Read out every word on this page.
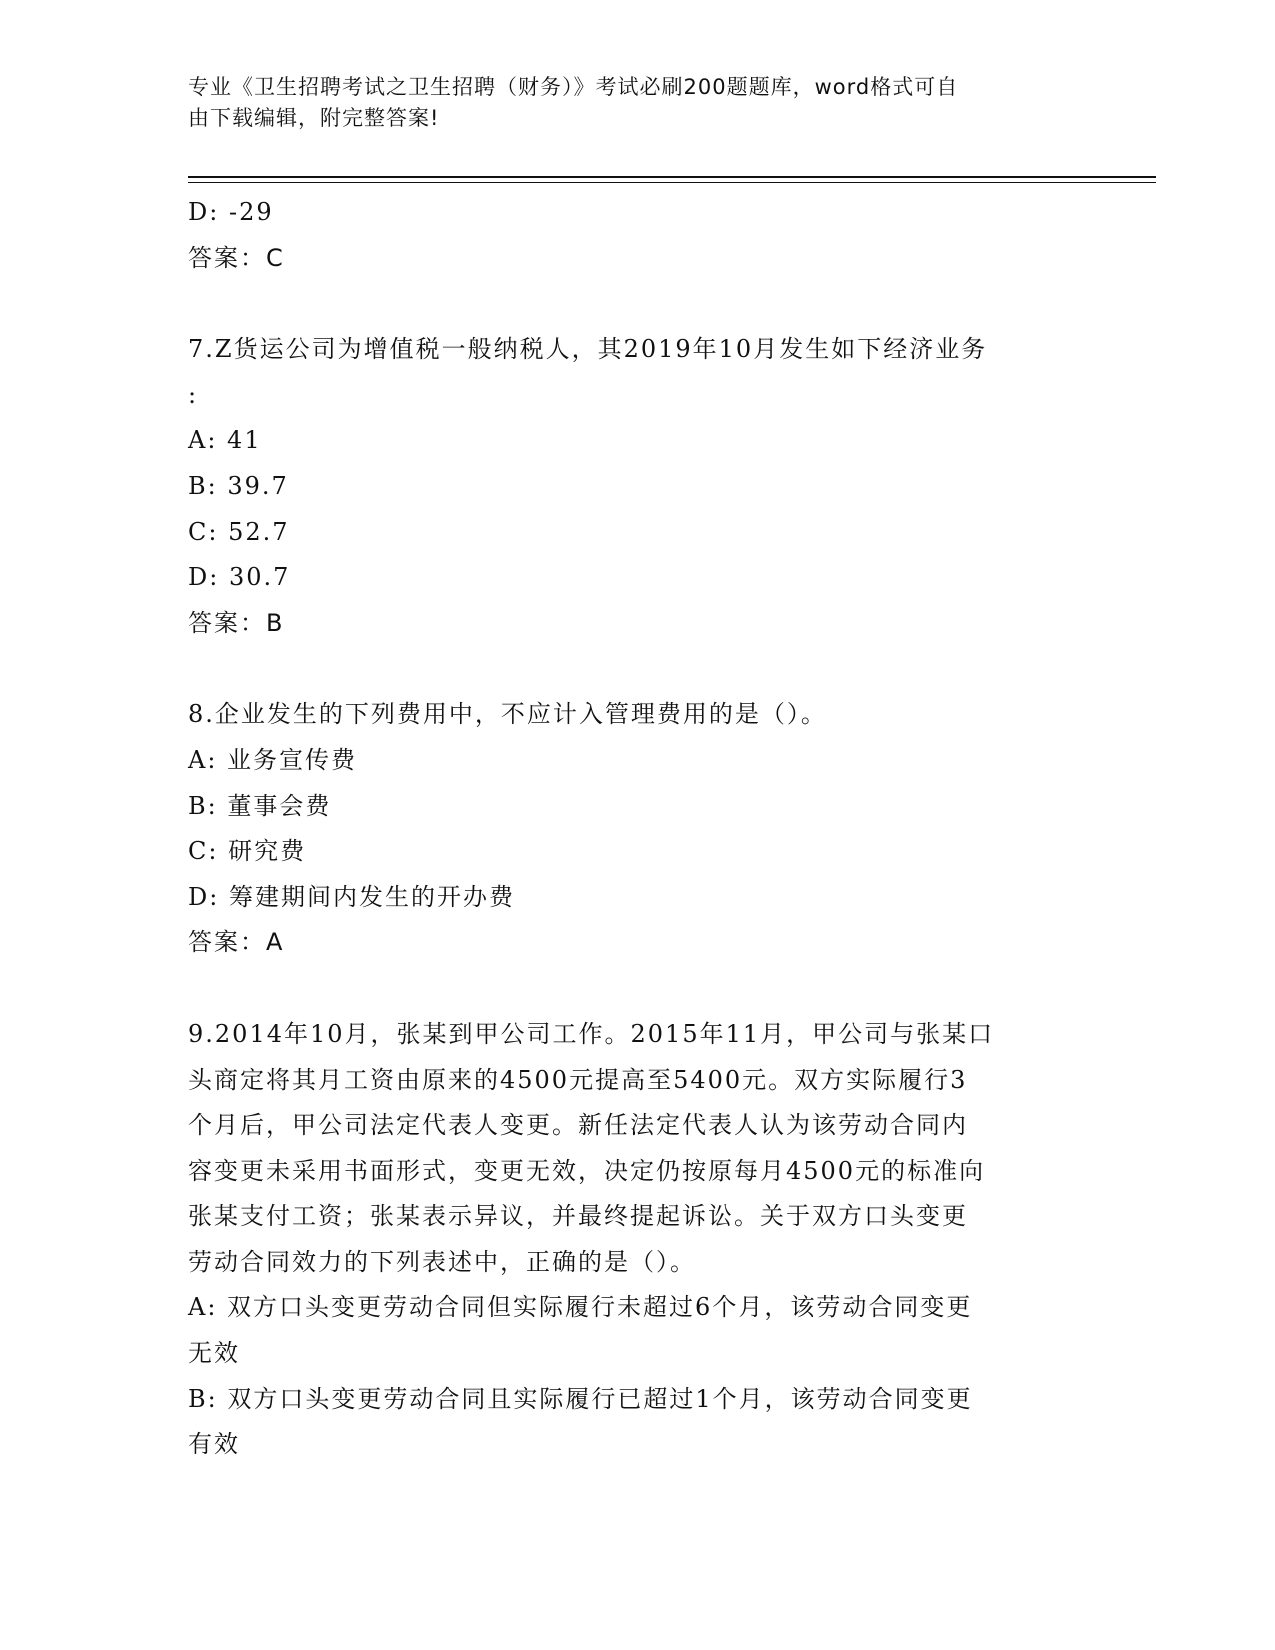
专业《卫生招聘考试之卫生招聘（财务）》考试必刷200题题库，word格式可自
由下载编辑，附完整答案!
D: -29
答案：C
7.Z货运公司为增值税一般纳税人，其2019年10月发生如下经济业务
:
A: 41
B: 39.7
C: 52.7
D: 30.7
答案：B
8.企业发生的下列费用中，不应计入管理费用的是（）。
A: 业务宣传费
B: 董事会费
C: 研究费
D: 筹建期间内发生的开办费
答案：A
9.2014年10月，张某到甲公司工作。2015年11月，甲公司与张某口
头商定将其月工资由原来的4500元提高至5400元。双方实际履行3
个月后，甲公司法定代表人变更。新任法定代表人认为该劳动合同内
容变更未采用书面形式，变更无效，决定仍按原每月4500元的标准向
张某支付工资；张某表示异议，并最终提起诉讼。关于双方口头变更
劳动合同效力的下列表述中，正确的是（）。
A: 双方口头变更劳动合同但实际履行未超过6个月，该劳动合同变更
无效
B: 双方口头变更劳动合同且实际履行已超过1个月，该劳动合同变更
有效
